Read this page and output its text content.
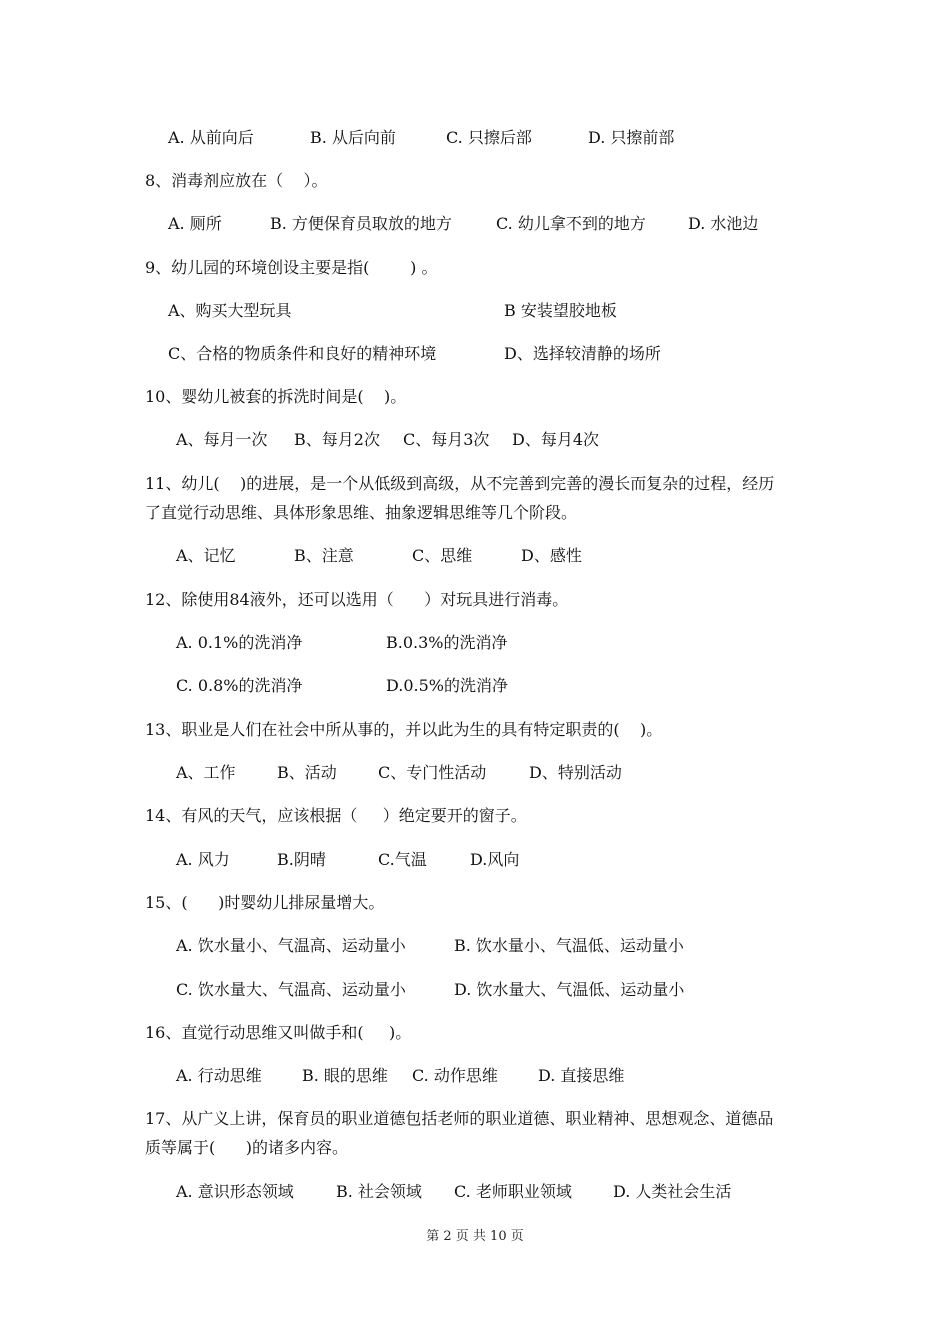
A. 从前向后	B. 从后向前	C. 只擦后部	D. 只擦前部
8、消毒剂应放在（    ）。
A. 厕所	B. 方便保育员取放的地方	C. 幼儿拿不到的地方	D. 水池边
9、幼儿园的环境创设主要是指(        ) 。
A、购买大型玩具	B 安装望胶地板
C、合格的物质条件和良好的精神环境	D、选择较清静的场所
10、婴幼儿被套的拆洗时间是(    )。
A、每月一次 B、每月2次 C、每月3次 D、每月4次
11、幼儿(    )的进展，是一个从低级到高级，从不完善到完善的漫长而复杂的过程，经历
了直觉行动思维、具体形象思维、抽象逻辑思维等几个阶段。
A、记忆	B、注意	C、思维	D、感性
12、除使用84液外，还可以选用（      ）对玩具进行消毒。
A. 0.1%的洗消净	B.0.3%的洗消净
C. 0.8%的洗消净	D.0.5%的洗消净
13、职业是人们在社会中所从事的，并以此为生的具有特定职责的(    )。
A、工作	B、活动	C、专门性活动	D、特别活动
14、有风的天气，应该根据（     ）绝定要开的窗子。
A. 风力	B.阴晴	C.气温	D.风向
15、(      )时婴幼儿排尿量增大。
A. 饮水量小、气温高、运动量小	B. 饮水量小、气温低、运动量小
C. 饮水量大、气温高、运动量小	D. 饮水量大、气温低、运动量小
16、直觉行动思维又叫做手和(     )。
A. 行动思维	B. 眼的思维 C. 动作思维	D. 直接思维
17、从广义上讲，保育员的职业道德包括老师的职业道德、职业精神、思想观念、道德品
质等属于(      )的诸多内容。
A. 意识形态领域	B. 社会领域 C. 老师职业领域	D. 人类社会生活
第 2 页 共 10 页
